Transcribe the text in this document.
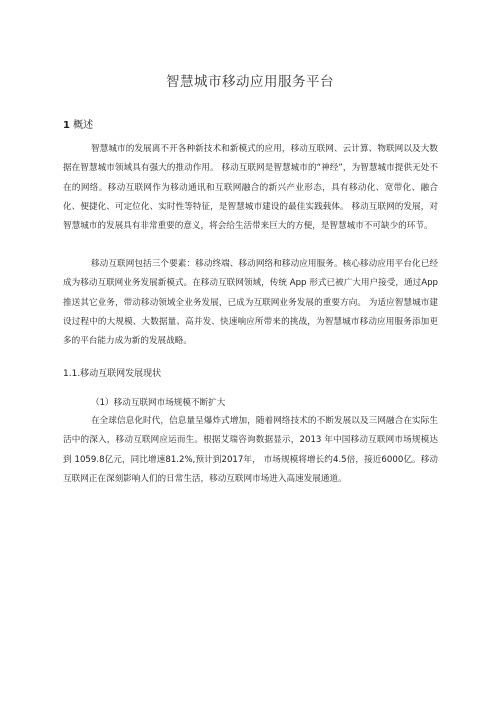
智慧城市移动应用服务平台
1 概述
智慧城市的发展离不开各种新技术和新模式的应用，移动互联网、云计算、物联网以及大数据在智慧城市领域具有强大的推动作用。 移动互联网是智慧城市的“神经”，为智慧城市提供无处不在的网络。移动互联网作为移动通讯和互联网融合的新兴产业形态，具有移动化、宽带化、融合化、便捷化、可定位化、实时性等特征，是智慧城市建设的最佳实践载体。 移动互联网的发展，对智慧城市的发展具有非常重要的意义，将会给生活带来巨大的方便，是智慧城市不可缺少的环节。
移动互联网包括三个要素：移动终端、移动网络和移动应用服务。核心移动应用平台化已经成为移动互联网业务发展新模式。在移动互联网领域，传统 App 形式已被广大用户接受，通过App推送其它业务，带动移动领域全业务发展，已成为互联网业务发展的重要方向。 为适应智慧城市建设过程中的大规模、大数据量、高并发、快速响应所带来的挑战，为智慧城市移动应用服务添加更多的平台能力成为新的发展战略。
1.1.移动互联网发展现状
（1）移动互联网市场规模不断扩大
在全球信息化时代，信息量呈爆炸式增加，随着网络技术的不断发展以及三网融合在实际生活中的深入，移动互联网应运而生。根据艾瑞咨询数据显示，2013 年中国移动互联网市场规模达到 1059.8亿元，同比增速81.2%,预计到2017年， 市场规模将增长约4.5倍，接近6000亿。移动互联网正在深刻影响人们的日常生活，移动互联网市场进入高速发展通道。
